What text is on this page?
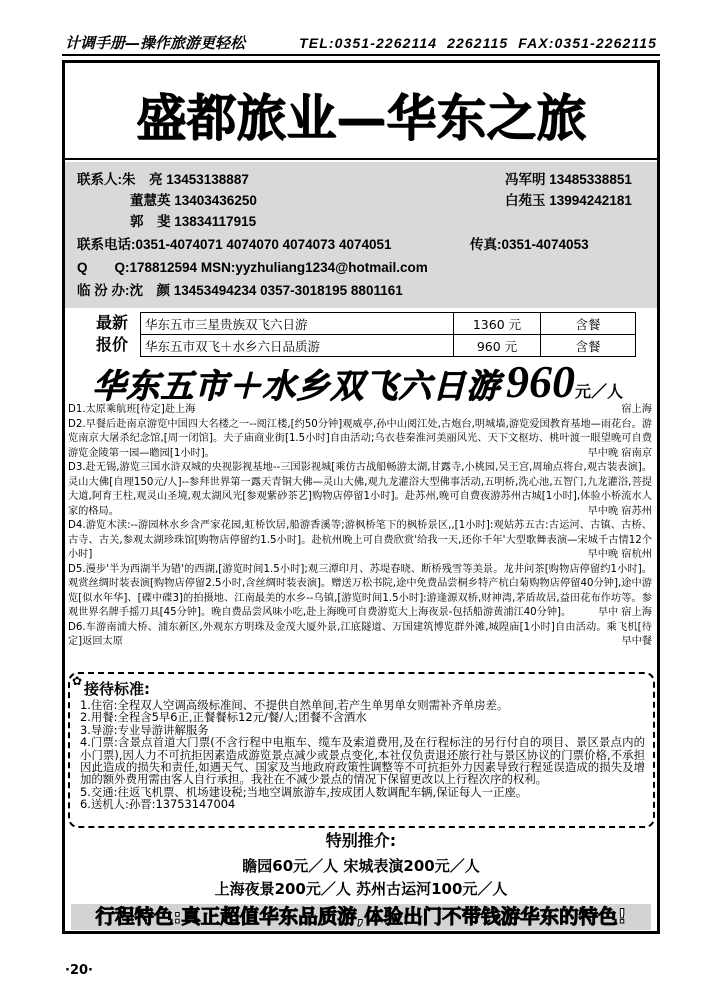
计调手册—操作旅游更轻松	TEL:0351-2262114  2262115  FAX:0351-2262115
盛都旅业—华东之旅
联系人:朱　亮 13453138887	冯军明 13485338851
董慧英 13403436250	白苑玉 13994242181
郭　斐 13834117915
联系电话:0351-4074071 4074070 4074073 4074051	传真:0351-4074053
Q　　Q:178812594 MSN:yyzhuliang1234@hotmail.com
临 汾 办:沈　颜 13453494234 0357-3018195 8801161
最新
报价
华东五市三星贵族双飞六日游	1360 元	含餐
华东五市双飞＋水乡六日品质游	960 元	含餐
华东五市＋水乡双飞六日游 960 元／人
D1.太原乘航班[待定]赴上海	宿上海
D2.早餐后赴南京游览中国四大名楼之一--阅江楼,[约50分钟]观威亭,孙中山阅江处,古炮台,明城墙,游览爱国教育基地—雨花台。游览南京大屠杀纪念馆,[周一闭馆]。夫子庙商业街[1.5小时]自由活动;乌衣巷秦淮河美丽风光、天下文枢坊、桃叶渡一眼望晚可自费游览金陵第一园—瞻园[1小时]。	早中晚 宿南京
D3.赴无锡,游览三国水浒双城的央视影视基地--三国影视城[乘仿古战船畅游太湖,甘露寺,小桃园,吴王宫,周瑜点将台,观古装表演]。灵山大佛[自理150元/人]--参拜世界第一露天青铜大佛—灵山大佛,观九龙灌浴大型佛事活动,五明桥,洗心池,五智门,九龙灌浴,菩提大道,阿育王柱,观灵山圣境,观太湖风光[参观紫砂茶艺]购物店停留1小时]。赴苏州,晚可自费夜游苏州古城[1小时],体验小桥流水人家的格局。	早中晚 宿苏州
D4.游览木渎:--游园林水乡含严家花园,虹桥饮居,船游香溪等;游枫桥笔下的枫桥景区,,[1小时]:观姑苏五古:古运河、古镇、古桥、古寺、古关,参观太湖珍珠馆[购物店停留约1.5小时]。赴杭州晚上可自费欣赏'给我一天,还你千年'大型歌舞表演—宋城千古情12个小时]	早中晚 宿杭州
D5.漫步'半为西湖半为错'的西湖,[游览时间1.5小时];观三潭印月、苏堤春晓、断桥残雪等美景。龙井问茶[购物店停留约1小时]。观赏丝绸时装表演[购物店停留2.5小时,含丝绸时装表演]。赠送万松书院,途中免费品尝桐乡特产杭白菊购物店停留40分钟],途中游览[似水年华]、[碟中碟3]的拍摄地、江南最美的水乡--乌镇,[游览时间1.5小时]:游逢源双桥,财神湾,茅盾故居,益田花布作坊等。参观世界名牌手摇刀具[45分钟]。晚自费品尝风味小吃,赴上海晚可自费游览大上海夜景-包括船游黄浦江40分钟]。	早中 宿上海
D6.车游南浦大桥、浦东新区,外观东方明珠及金茂大厦外景,江底隧道、万国建筑博览群外滩,城隍庙[1小时]自由活动。乘飞机[待定]返回太原	早中餐
✿ 接待标准:
1.住宿:全程双人空调高级标准间、不提供自然单间,若产生单男单女则需补齐单房差。
2.用餐:全程含5早6正,正餐餐标12元/餐/人;团餐不含酒水
3.导游:专业导游讲解服务
4.门票:含景点首道大门票(不含行程中电瓶车、缆车及索道费用,及在行程标注的另行付自的项目、景区景点内的小门票),因人力不可抗拒因素造成游览景点减少或景点变化,本社仅负责退还旅行社与景区协议的门票价格,不承担因此造成的损失和责任,如遇天气、国家及当地政府政策性调整等不可抗拒外力因素导致行程延误造成的损失及增加的额外费用需由客人自行承担。我社在不减少景点的情况下保留更改以上行程次序的权利。
5.交通:往返飞机票、机场建设税;当地空调旅游车,按成团人数调配车辆,保证每人一正座。
6.送机人:孙晋:13753147004
特别推介:
瞻园60元／人 宋城表演200元／人
上海夜景200元／人 苏州古运河100元／人
行程特色:真正超值华东品质游,体验出门不带钱游华东的特色!
·20·
